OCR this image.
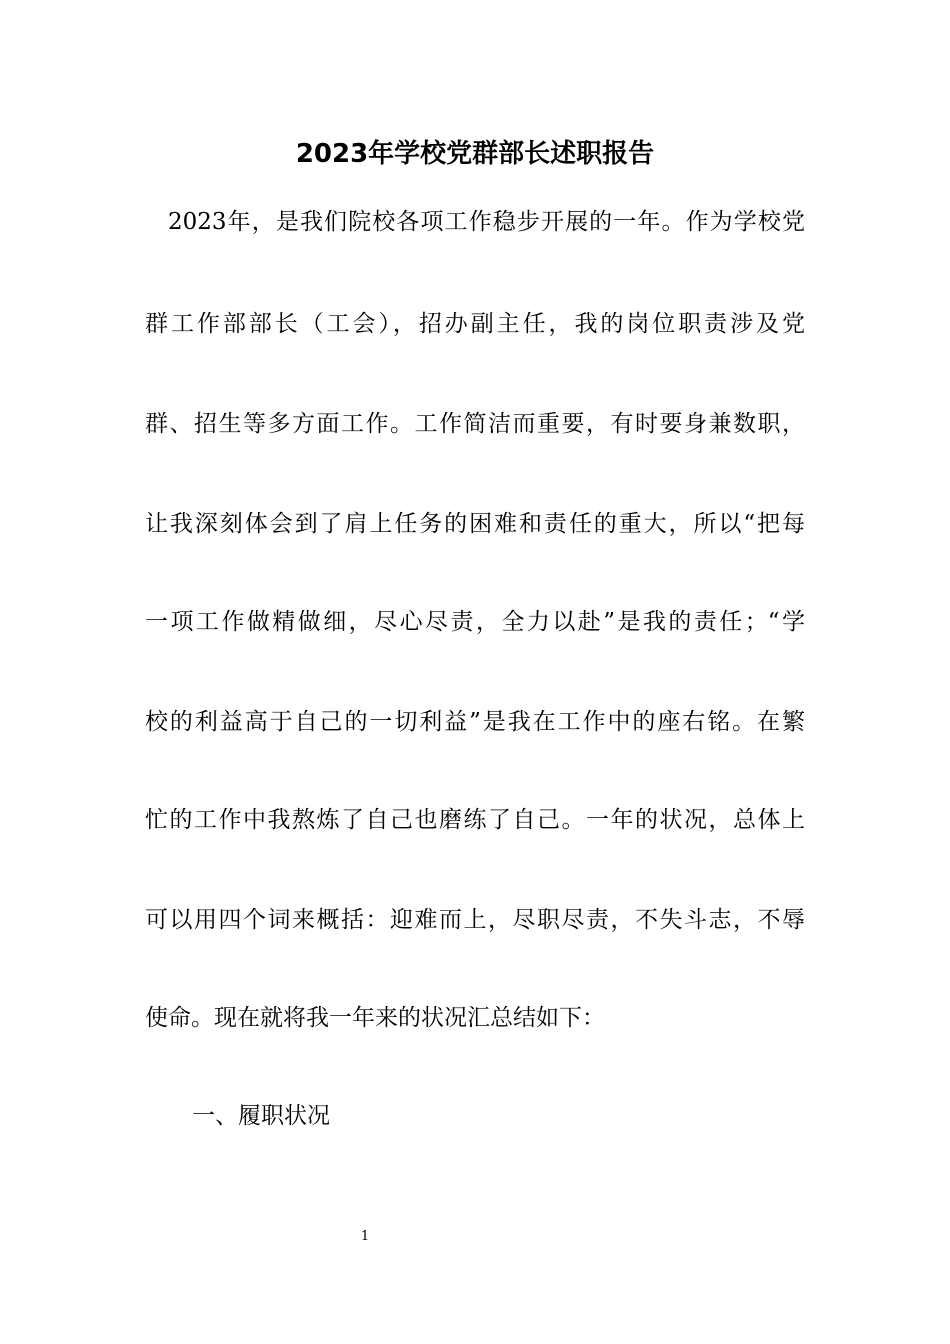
2023年学校党群部长述职报告

2023年，是我们院校各项工作稳步开展的一年。作为学校党

群工作部部长（工会），招办副主任，我的岗位职责涉及党

群、招生等多方面工作。工作简洁而重要，有时要身兼数职，

让我深刻体会到了肩上任务的困难和责任的重大，所以“把每

一项工作做精做细，尽心尽责，全力以赴”是我的责任；“学

校的利益高于自己的一切利益”是我在工作中的座右铭。在繁

忙的工作中我熬炼了自己也磨练了自己。一年的状况，总体上

可以用四个词来概括：迎难而上，尽职尽责，不失斗志，不辱

使命。现在就将我一年来的状况汇总结如下：

一、履职状况

1
